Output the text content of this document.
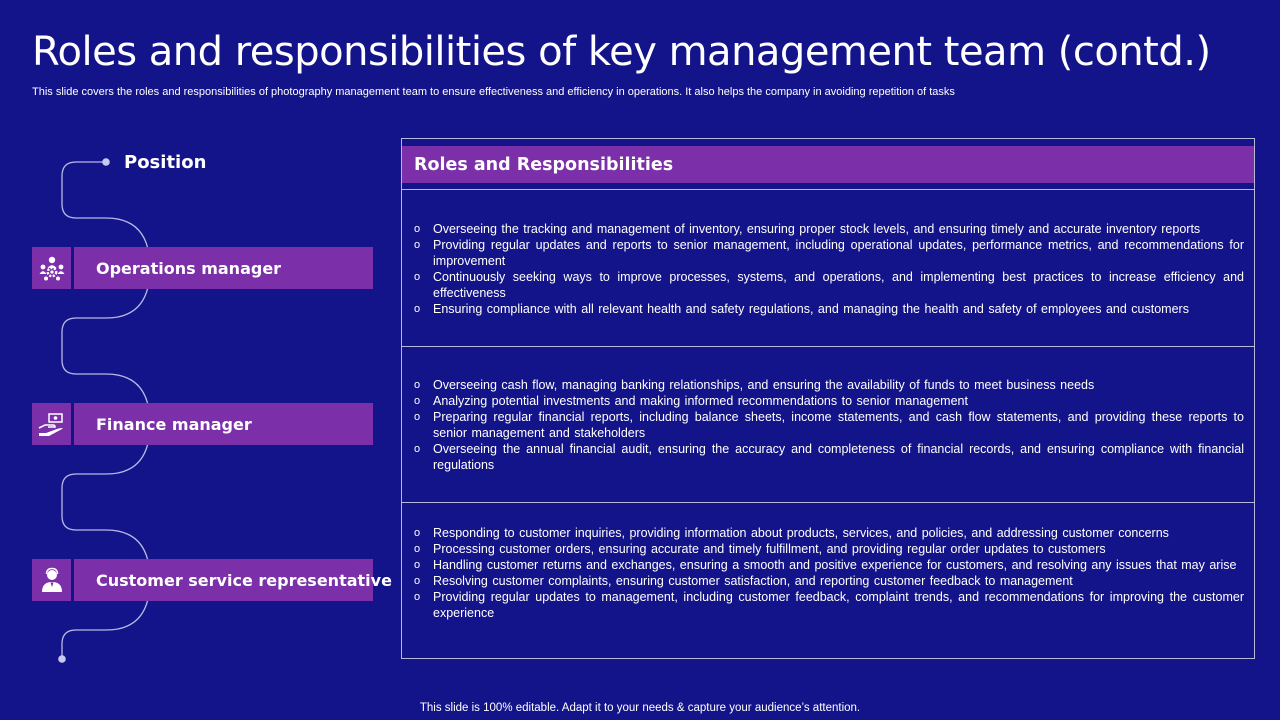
Roles and responsibilities of key management team (contd.)
This slide covers the roles and responsibilities of photography management team to ensure effectiveness and efficiency in operations. It also helps the company in avoiding repetition of tasks
Position
Operations manager
Finance manager
Customer service representative
Roles and Responsibilities
o Overseeing the tracking and management of inventory, ensuring proper stock levels, and ensuring timely and accurate inventory reports
o Providing regular updates and reports to senior management, including operational updates, performance metrics, and recommendations for improvement
o Continuously seeking ways to improve processes, systems, and operations, and implementing best practices to increase efficiency and effectiveness
o Ensuring compliance with all relevant health and safety regulations, and managing the health and safety of employees and customers
o Overseeing cash flow, managing banking relationships, and ensuring the availability of funds to meet business needs
o Analyzing potential investments and making informed recommendations to senior management
o Preparing regular financial reports, including balance sheets, income statements, and cash flow statements, and providing these reports to senior management and stakeholders
o Overseeing the annual financial audit, ensuring the accuracy and completeness of financial records, and ensuring compliance with financial regulations
o Responding to customer inquiries, providing information about products, services, and policies, and addressing customer concerns
o Processing customer orders, ensuring accurate and timely fulfillment, and providing regular order updates to customers
o Handling customer returns and exchanges, ensuring a smooth and positive experience for customers, and resolving any issues that may arise
o Resolving customer complaints, ensuring customer satisfaction, and reporting customer feedback to management
o Providing regular updates to management, including customer feedback, complaint trends, and recommendations for improving the customer experience
This slide is 100% editable. Adapt it to your needs & capture your audience’s attention.
